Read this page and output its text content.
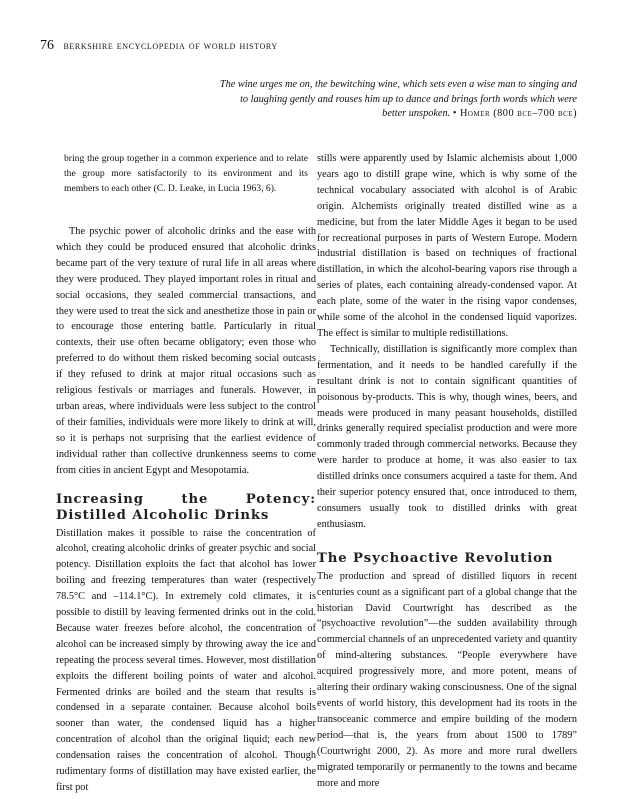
76 berkshire encyclopedia of world history
The wine urges me on, the bewitching wine, which sets even a wise man to singing and to laughing gently and rouses him up to dance and brings forth words which were better unspoken. • Homer (800 bce–700 bce)

bring the group together in a common experience and to relate the group more satisfactorily to its environment and its members to each other (C. D. Leake, in Lucia 1963, 6).

The psychic power of alcoholic drinks and the ease with which they could be produced ensured that alcoholic drinks became part of the very texture of rural life in all areas where they were produced. They played important roles in ritual and social occasions, they sealed commercial transactions, and they were used to treat the sick and anesthetize those in pain or to encourage those entering battle. Particularly in ritual contexts, their use often became obligatory; even those who preferred to do without them risked becoming social outcasts if they refused to drink at major ritual occasions such as religious festivals or marriages and funerals. However, in urban areas, where individuals were less subject to the control of their families, individuals were more likely to drink at will, so it is perhaps not surprising that the earliest evidence of individual rather than collective drunkenness seems to come from cities in ancient Egypt and Mesopotamia.

Increasing the Potency: Distilled Alcoholic Drinks

Distillation makes it possible to raise the concentration of alcohol, creating alcoholic drinks of greater psychic and social potency. Distillation exploits the fact that alcohol has lower boiling and freezing temperatures than water (respectively 78.5°C and –114.1°C). In extremely cold climates, it is possible to distill by leaving fermented drinks out in the cold. Because water freezes before alcohol, the concentration of alcohol can be increased simply by throwing away the ice and repeating the process several times. However, most distillation exploits the different boiling points of water and alcohol. Fermented drinks are boiled and the steam that results is condensed in a separate container. Because alcohol boils sooner than water, the condensed liquid has a higher concentration of alcohol than the original liquid; each new condensation raises the concentration of alcohol. Though rudimentary forms of distillation may have existed earlier, the first pot

stills were apparently used by Islamic alchemists about 1,000 years ago to distill grape wine, which is why some of the technical vocabulary associated with alcohol is of Arabic origin. Alchemists originally treated distilled wine as a medicine, but from the later Middle Ages it began to be used for recreational purposes in parts of Western Europe. Modern industrial distillation is based on techniques of fractional distillation, in which the alcohol-bearing vapors rise through a series of plates, each containing already-condensed vapor. At each plate, some of the water in the rising vapor condenses, while some of the alcohol in the condensed liquid vaporizes. The effect is similar to multiple redistillations.

Technically, distillation is significantly more complex than fermentation, and it needs to be handled carefully if the resultant drink is not to contain significant quantities of poisonous by-products. This is why, though wines, beers, and meads were produced in many peasant households, distilled drinks generally required specialist production and were more commonly traded through commercial networks. Because they were harder to produce at home, it was also easier to tax distilled drinks once consumers acquired a taste for them. And their superior potency ensured that, once introduced to them, consumers usually took to distilled drinks with great enthusiasm.

The Psychoactive Revolution

The production and spread of distilled liquors in recent centuries count as a significant part of a global change that the historian David Courtwright has described as the “psychoactive revolution”—the sudden availability through commercial channels of an unprecedented variety and quantity of mind-altering substances. “People everywhere have acquired progressively more, and more potent, means of altering their ordinary waking consciousness. One of the signal events of world history, this development had its roots in the transoceanic commerce and empire building of the modern period—that is, the years from about 1500 to 1789” (Courtwright 2000, 2). As more and more rural dwellers migrated temporarily or permanently to the towns and became more and more
